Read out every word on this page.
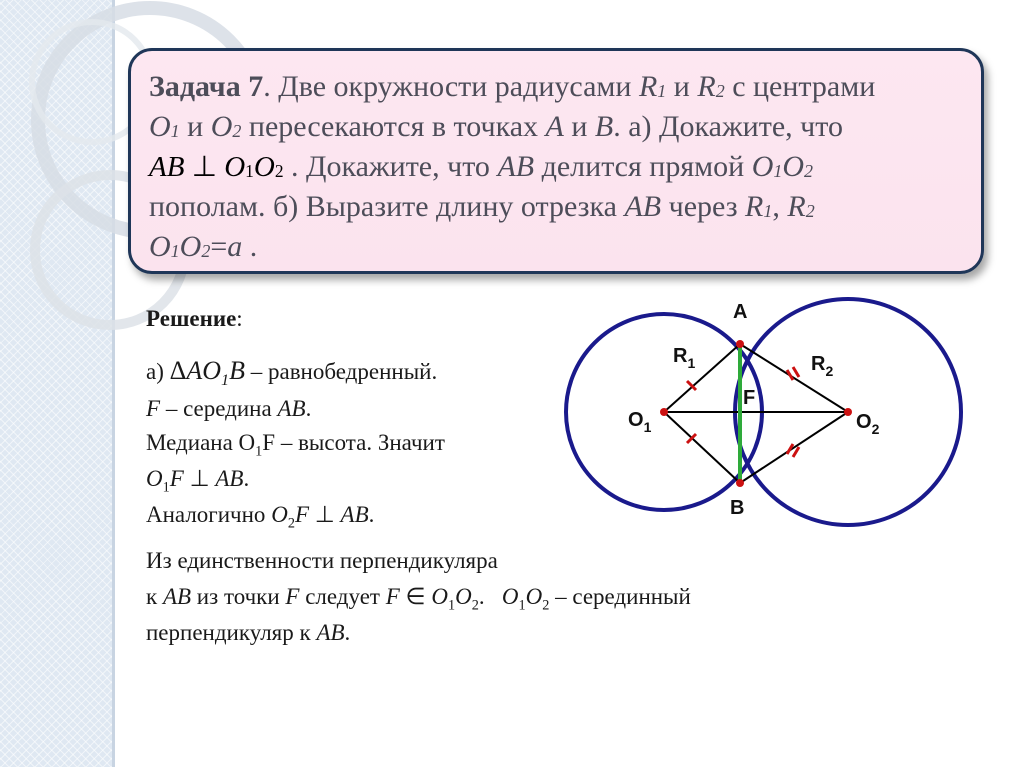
Задача 7. Две окружности радиусами $R_1$ и $R_2$ с центрами
$O_1$ и $O_2$ пересекаются в точках A и B. а) Докажите, что
AB ⊥ $O_1O_2$ . Докажите, что AB делится прямой $O_1O_2$
пополам. б) Выразите длину отрезка AB через $R_1$, $R_2$
$O_1O_2=a$ .
Решение:
а) $\Delta AO_1B$ – равнобедренный.
F – середина AB.
Медиана $O_1F$ – высота. Значит
$O_1F$ ⊥ AB.
Аналогично $O_2F$ ⊥ AB.
Из единственности перпендикуляра
к AB из точки F следует F ∈ $O_1O_2$. $O_1O_2$ – серединный
перпендикуляр к AB.
A
B
F
$O_1$	$O_2$
$R_1$	$R_2$
